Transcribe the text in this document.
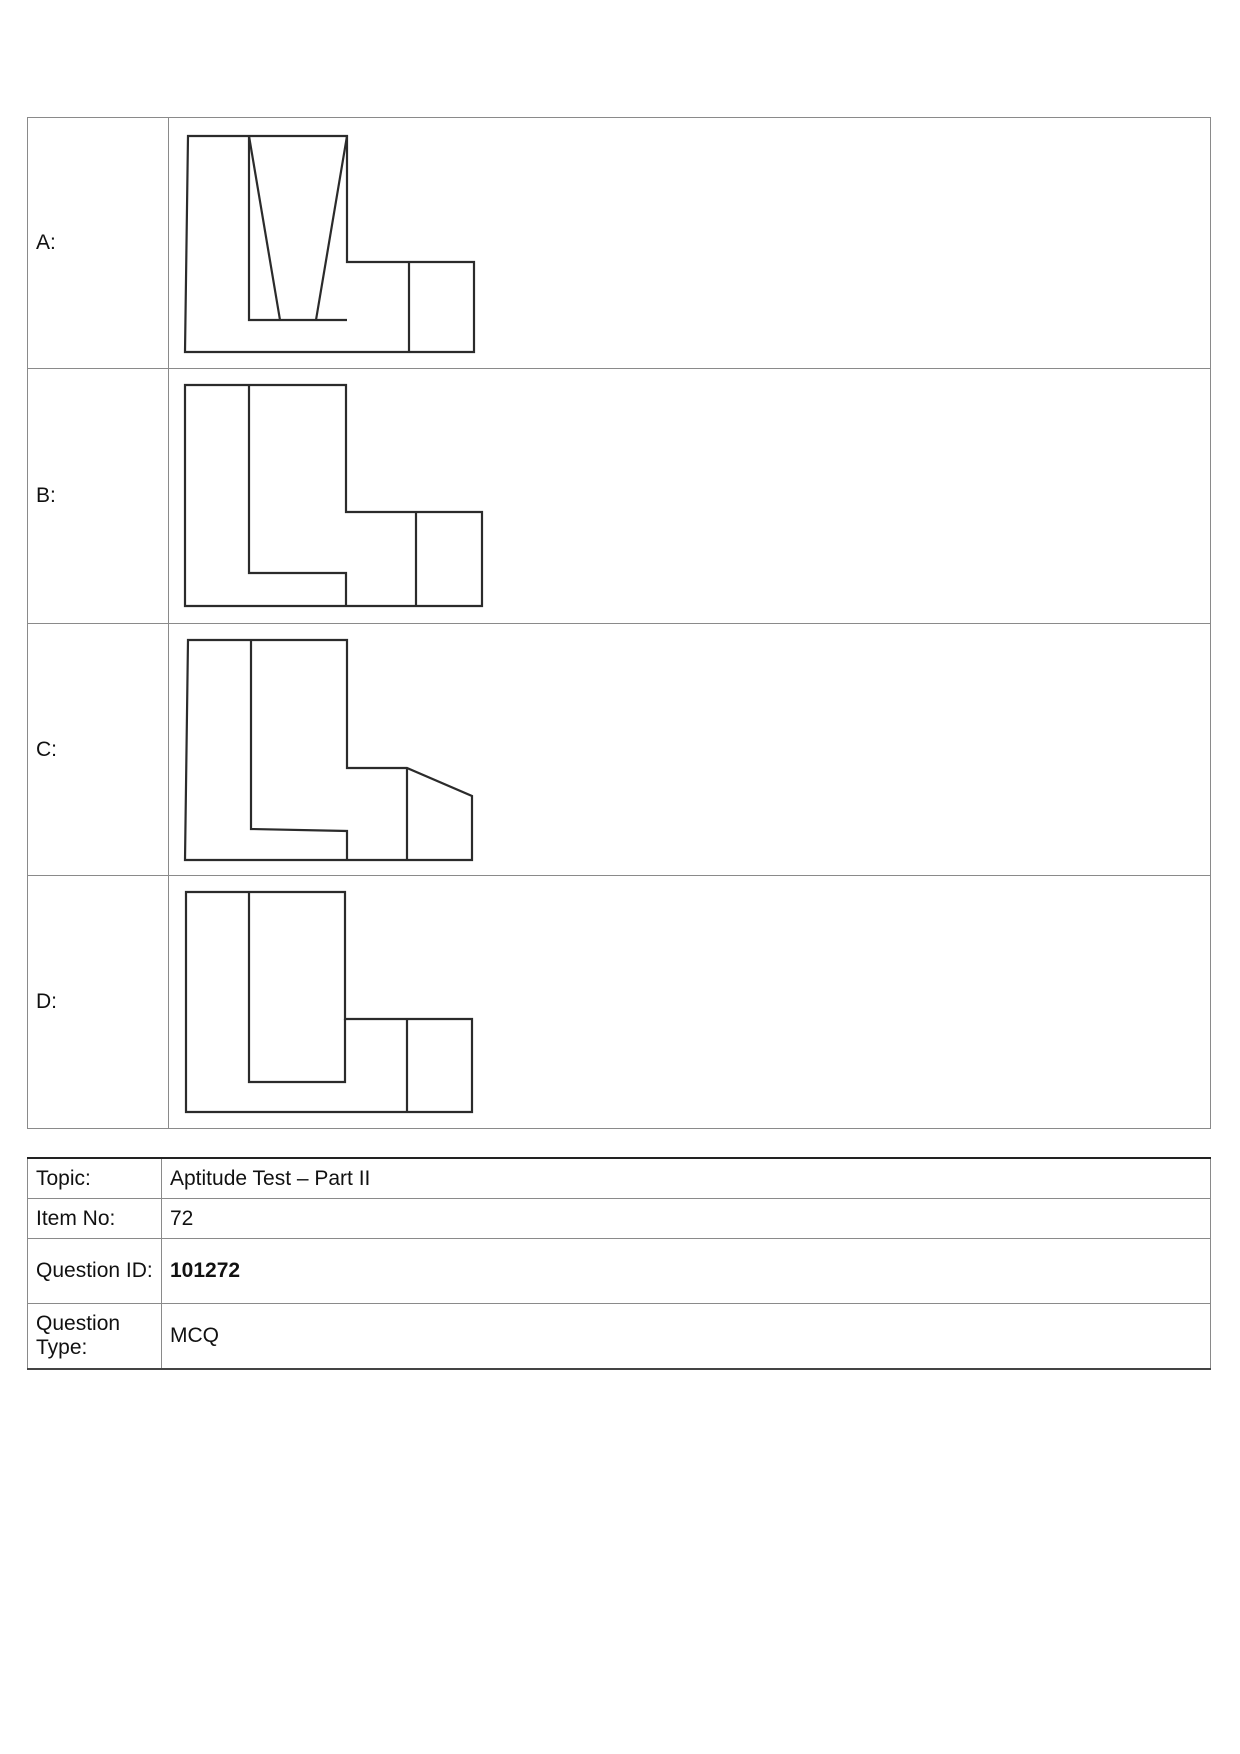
A:	

B:	

C:	

D:	
Topic:	Aptitude Test – Part II
Item No:	72
Question ID:	101272
Question Type:	MCQ
